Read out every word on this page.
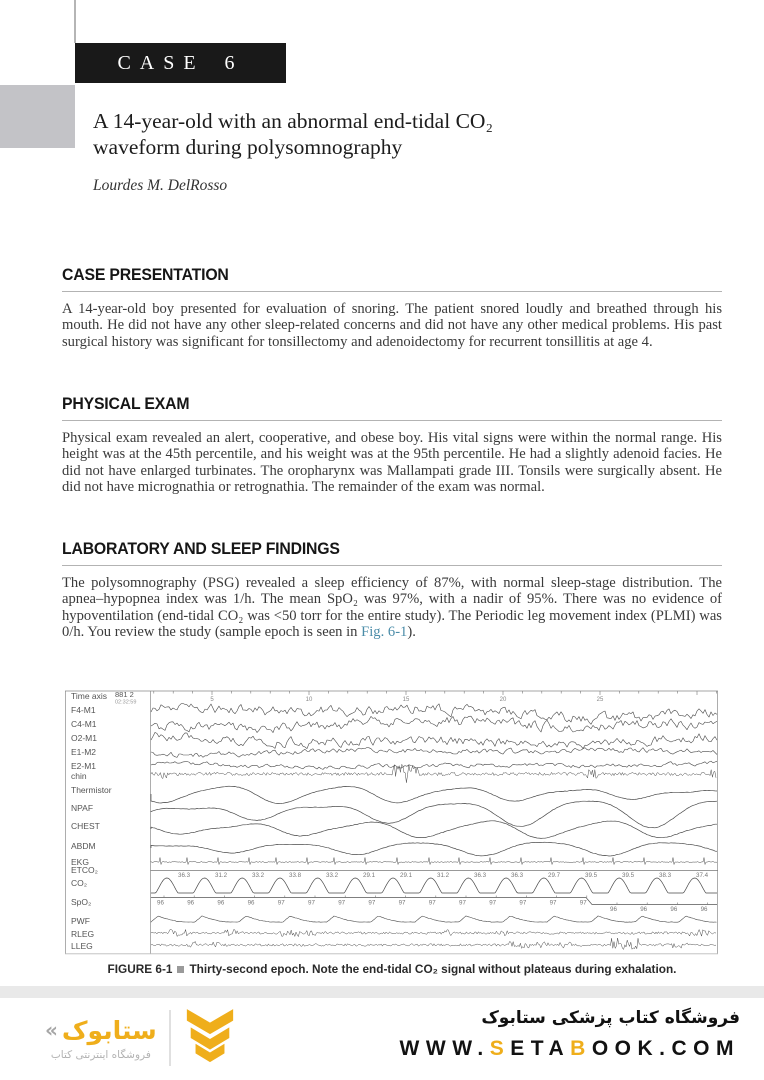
CASE 6
A 14-year-old with an abnormal end-tidal CO₂
waveform during polysomnography
Lourdes M. DelRosso
CASE PRESENTATION

A 14-year-old boy presented for evaluation of snoring. The patient snored loudly and breathed through his mouth. He did not have any other sleep-related concerns and did not have any other medical problems. His past surgical history was significant for tonsillectomy and adenoidectomy for recurrent tonsillitis at age 4.

PHYSICAL EXAM

Physical exam revealed an alert, cooperative, and obese boy. His vital signs were within the normal range. His height was at the 45th percentile, and his weight was at the 95th percentile. He had a slightly adenoid facies. He did not have enlarged turbinates. The oropharynx was Mallampati grade III. Tonsils were surgically absent. He did not have micrognathia or retrognathia. The remainder of the exam was normal.

LABORATORY AND SLEEP FINDINGS

The polysomnography (PSG) revealed a sleep efficiency of 87%, with normal sleep-stage distribution. The apnea–hypopnea index was 1/h. The mean SpO₂ was 97%, with a nadir of 95%. There was no evidence of hypoventilation (end-tidal CO₂ was <50 torr for the entire study). The Periodic leg movement index (PLMI) was 0/h. You review the study (sample epoch is seen in Fig. 6-1).

5	10	15	20	25
881 2
02:32:59
36.3	31.2	33.2	33.8	33.2	29.1	29.1	31.2	36.3	36.3	29.7	39.5	39.5	38.3	37.4
96	96	96	96	97	97	97	97	97	97	97	97	97	97	97
96	96	96	96
Time axis
F4-M1
C4-M1
O2-M1
E1-M2
E2-M1
chin
Thermistor
NPAF
CHEST
ABDM
EKG
ETCO₂
CO₂
SpO₂
PWF
RLEG
LLEG
FIGURE 6-1 Thirty-second epoch. Note the end-tidal CO₂ signal without plateaus during exhalation.
« ستابوک
فروشگاه اینترنتی کتاب
فروشگاه کتاب پزشکی ستابوک
WWW.SETABOOK.COM
